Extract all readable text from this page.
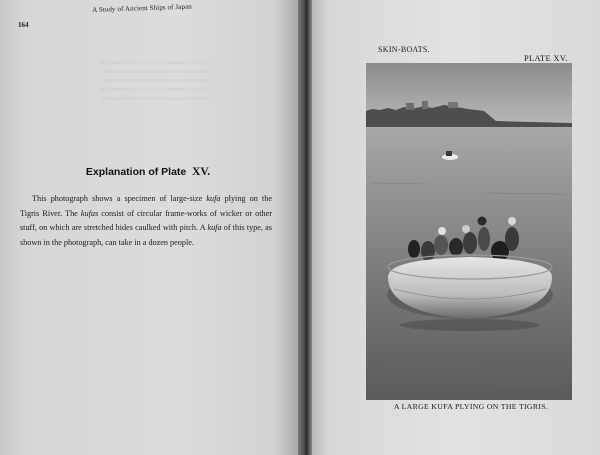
A Study of Ancient Ships of Japan
164
Explanation of Plate XV.

This photograph shows a specimen of large-size kufa plying on the Tigris River. The kufas consist of circular frame-works of wicker or other stuff, on which are stretched hides caulked with pitch. A kufa of this type, as shown in the photograph, can take in a dozen people.

SKIN-BOATS.
PLATE XV.
A LARGE KUFA PLYING ON THE TIGRIS.
